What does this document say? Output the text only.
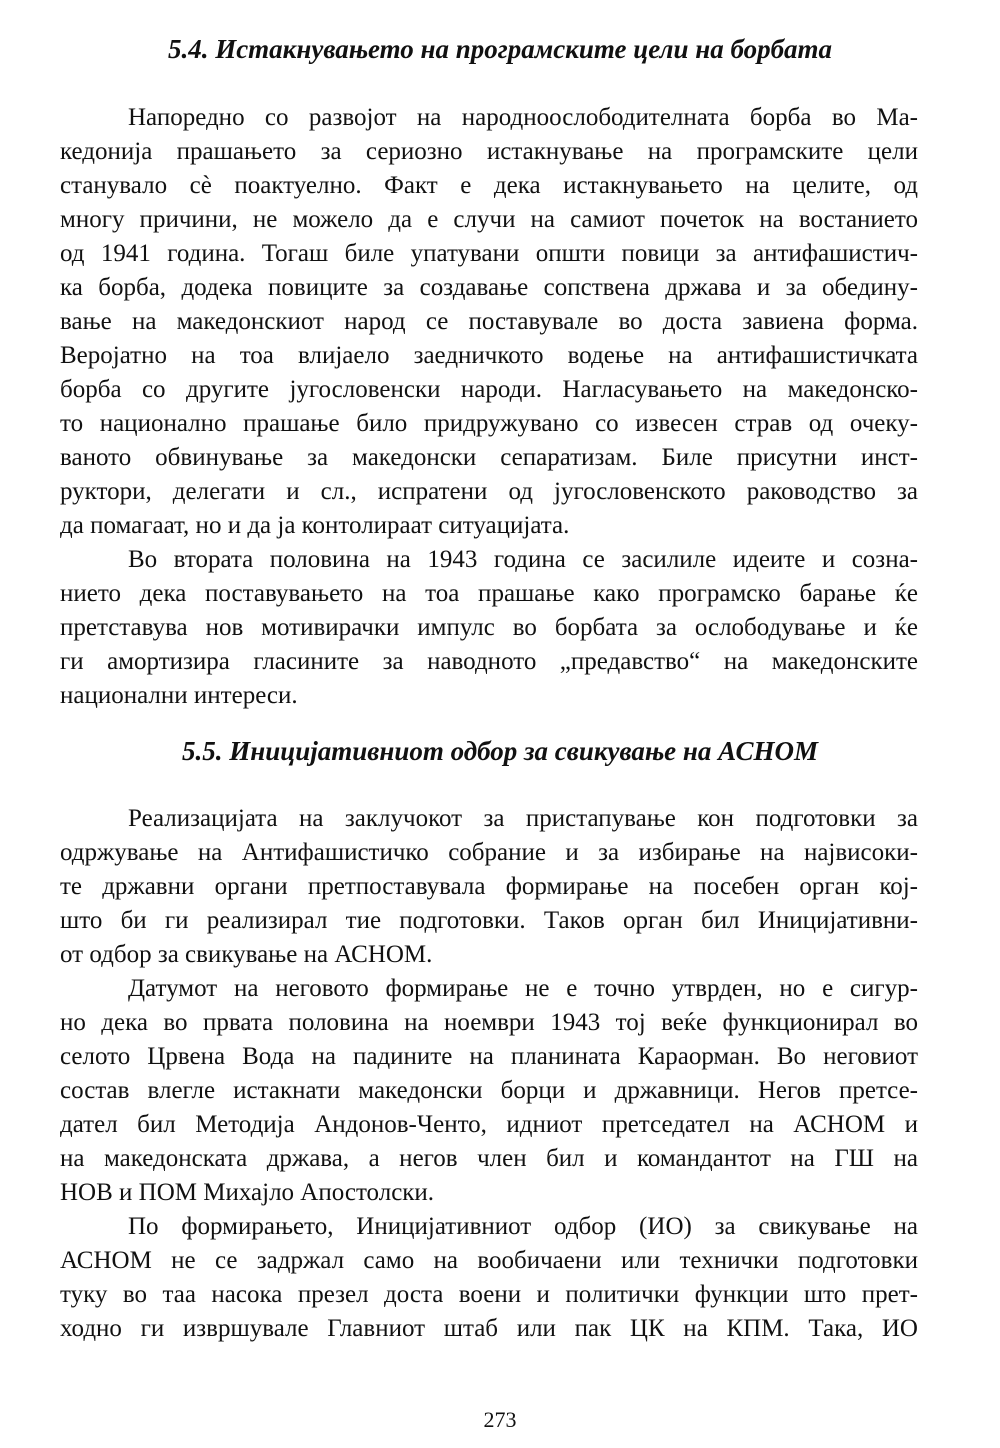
5.4. Истакнувањето на програмските цели на борбата
Напоредно со развојот на народноослободителната борба во Ма-
кедонија прашањето за сериозно истакнување на програмските цели
станувало сè поактуелно. Факт е дека истакнувањето на целите, од
многу причини, не можело да е случи на самиот почеток на востанието
од 1941 година. Тогаш биле упатувани општи повици за антифашистич-
ка борба, додека повиците за создавање сопствена држава и за обедину-
вање на македонскиот народ се поставувале во доста завиена форма.
Веројатно на тоа влијаело заедничкото водење на антифашистичката
борба со другите југословенски народи. Нагласувањето на македонско-
то национално прашање било придружувано со извесен страв од очеку-
ваното обвинување за македонски сепаратизам. Биле присутни инст-
руктори, делегати и сл., испратени од југословенското раководство за
да помагаат, но и да ја контолираат ситуацијата.
Во втората половина на 1943 година се засилиле идеите и созна-
нието дека поставувањето на тоа прашање како програмско барање ќе
претставува нов мотивирачки импулс во борбата за ослободување и ќе
ги амортизира гласините за наводното „предавство“ на македонските
национални интереси.
5.5. Иницијативниот одбор за свикување на АСНОМ
Реализацијата на заклучокот за пристапување кон подготовки за
одржување на Антифашистичко собрание и за избирање на највисоки-
те државни органи претпоставувала формирање на посебен орган кој-
што би ги реализирал тие подготовки. Таков орган бил Иницијативни-
от одбор за свикување на АСНОМ.
Датумот на неговото формирање не е точно утврден, но е сигур-
но дека во првата половина на ноември 1943 тој веќе функционирал во
селото Црвена Вода на падините на планината Караорман. Во неговиот
состав влегле истакнати македонски борци и државници. Негов претсе-
дател бил Методија Андонов-Ченто, идниот претседател на АСНОМ и
на македонската држава, а негов член бил и командантот на ГШ на
НОВ и ПОМ Михајло Апостолски.
По формирањето, Иницијативниот одбор (ИО) за свикување на
АСНОМ не се задржал само на вообичаени или технички подготовки
туку во таа насока презел доста воени и политички функции што прет-
ходно ги извршувале Главниот штаб или пак ЦК на КПМ. Така, ИО
273
